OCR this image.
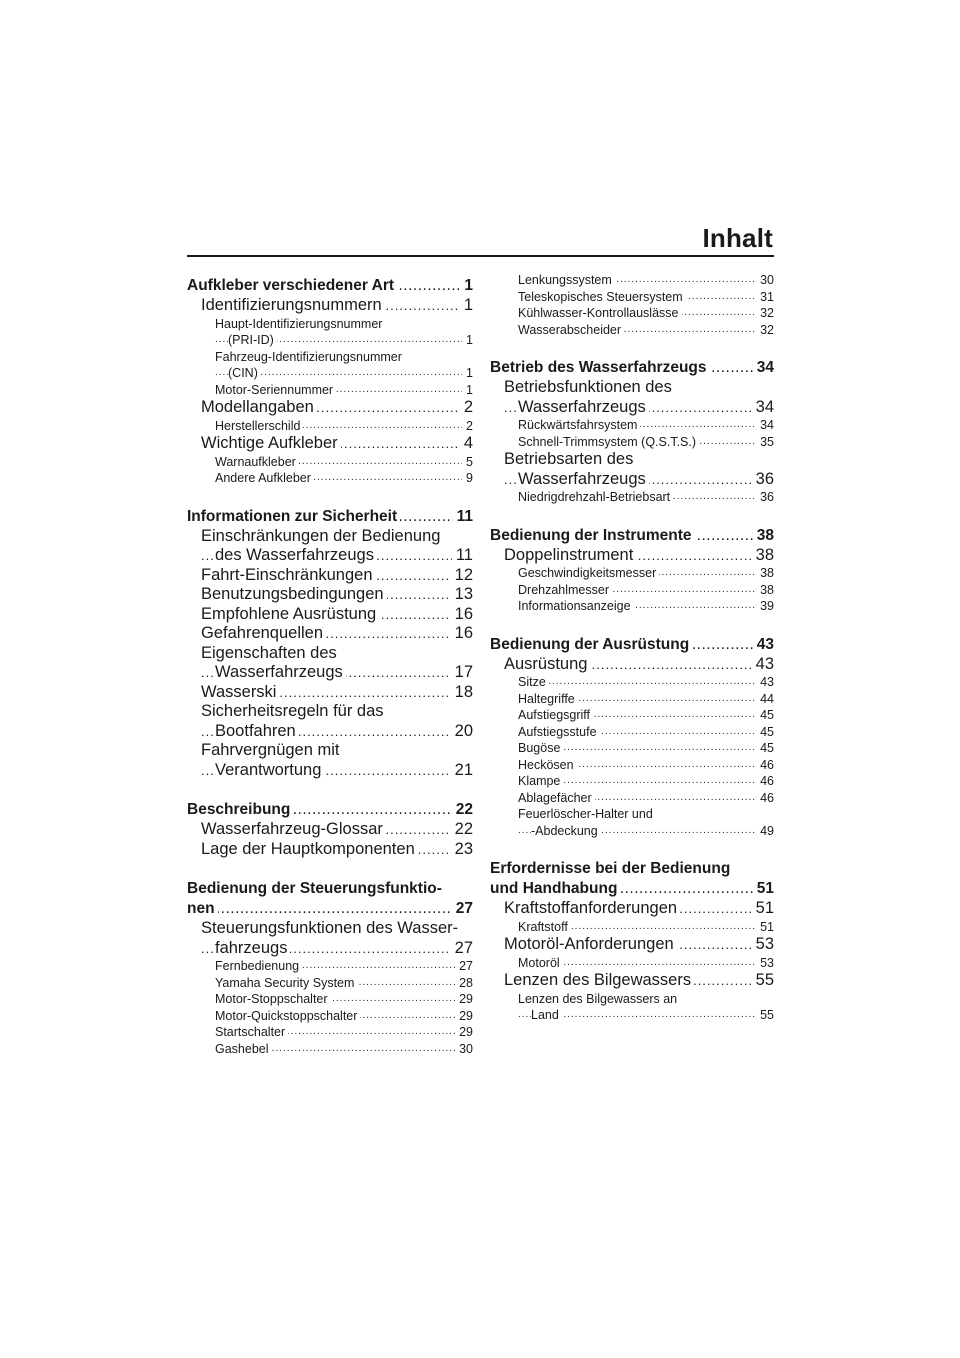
Inhalt
..... Aufkleber verschiedener Art	1
..... Identifizierungsnummern	1
Haupt-Identifizierungsnummer
..... (PRI-ID)	1
Fahrzeug-Identifizierungsnummer
..... (CIN)	1
..... Motor-Seriennummer	1
..... Modellangaben	2
..... Herstellerschild	2
..... Wichtige Aufkleber	4
..... Warnaufkleber	5
..... Andere Aufkleber	9
..... Informationen zur Sicherheit	11
Einschränkungen der Bedienung
..... des Wasserfahrzeugs	11
..... Fahrt-Einschränkungen	12
..... Benutzungsbedingungen	13
..... Empfohlene Ausrüstung	16
..... Gefahrenquellen	16
Eigenschaften des
..... Wasserfahrzeugs	17
..... Wasserski	18
Sicherheitsregeln für das
..... Bootfahren	20
Fahrvergnügen mit
..... Verantwortung	21
..... Beschreibung	22
..... Wasserfahrzeug-Glossar	22
..... Lage der Hauptkomponenten 23
Bedienung der Steuerungsfunktio-
..... nen	27
Steuerungsfunktionen des Wasser-
..... fahrzeugs	27
..... Fernbedienung	27
..... Yamaha Security System	28
..... Motor-Stoppschalter	29
..... Motor-Quickstoppschalter	29
..... Startschalter	29
..... Gashebel	30
..... Lenkungssystem	30
..... Teleskopisches Steuersystem	31
..... Kühlwasser-Kontrollauslässe	32
..... Wasserabscheider	32
..... Betrieb des Wasserfahrzeugs	34
Betriebsfunktionen des
..... Wasserfahrzeugs	34
..... Rückwärtsfahrsystem	34
..... Schnell-Trimmsystem (Q.S.T.S.)	35
Betriebsarten des
..... Wasserfahrzeugs	36
..... Niedrigdrehzahl-Betriebsart	36
..... Bedienung der Instrumente	38
..... Doppelinstrument	38
..... Geschwindigkeitsmesser	38
..... Drehzahlmesser	38
..... Informationsanzeige	39
..... Bedienung der Ausrüstung	43
..... Ausrüstung	43
..... Sitze	43
..... Haltegriffe	44
..... Aufstiegsgriff	45
..... Aufstiegsstufe	45
..... Bugöse	45
..... Heckösen	46
..... Klampe	46
..... Ablagefächer	46
Feuerlöscher-Halter und
..... -Abdeckung	49
Erfordernisse bei der Bedienung
..... und Handhabung	51
..... Kraftstoffanforderungen	51
..... Kraftstoff	51
..... Motoröl-Anforderungen	53
..... Motoröl	53
..... Lenzen des Bilgewassers	55
Lenzen des Bilgewassers an
..... Land	55
